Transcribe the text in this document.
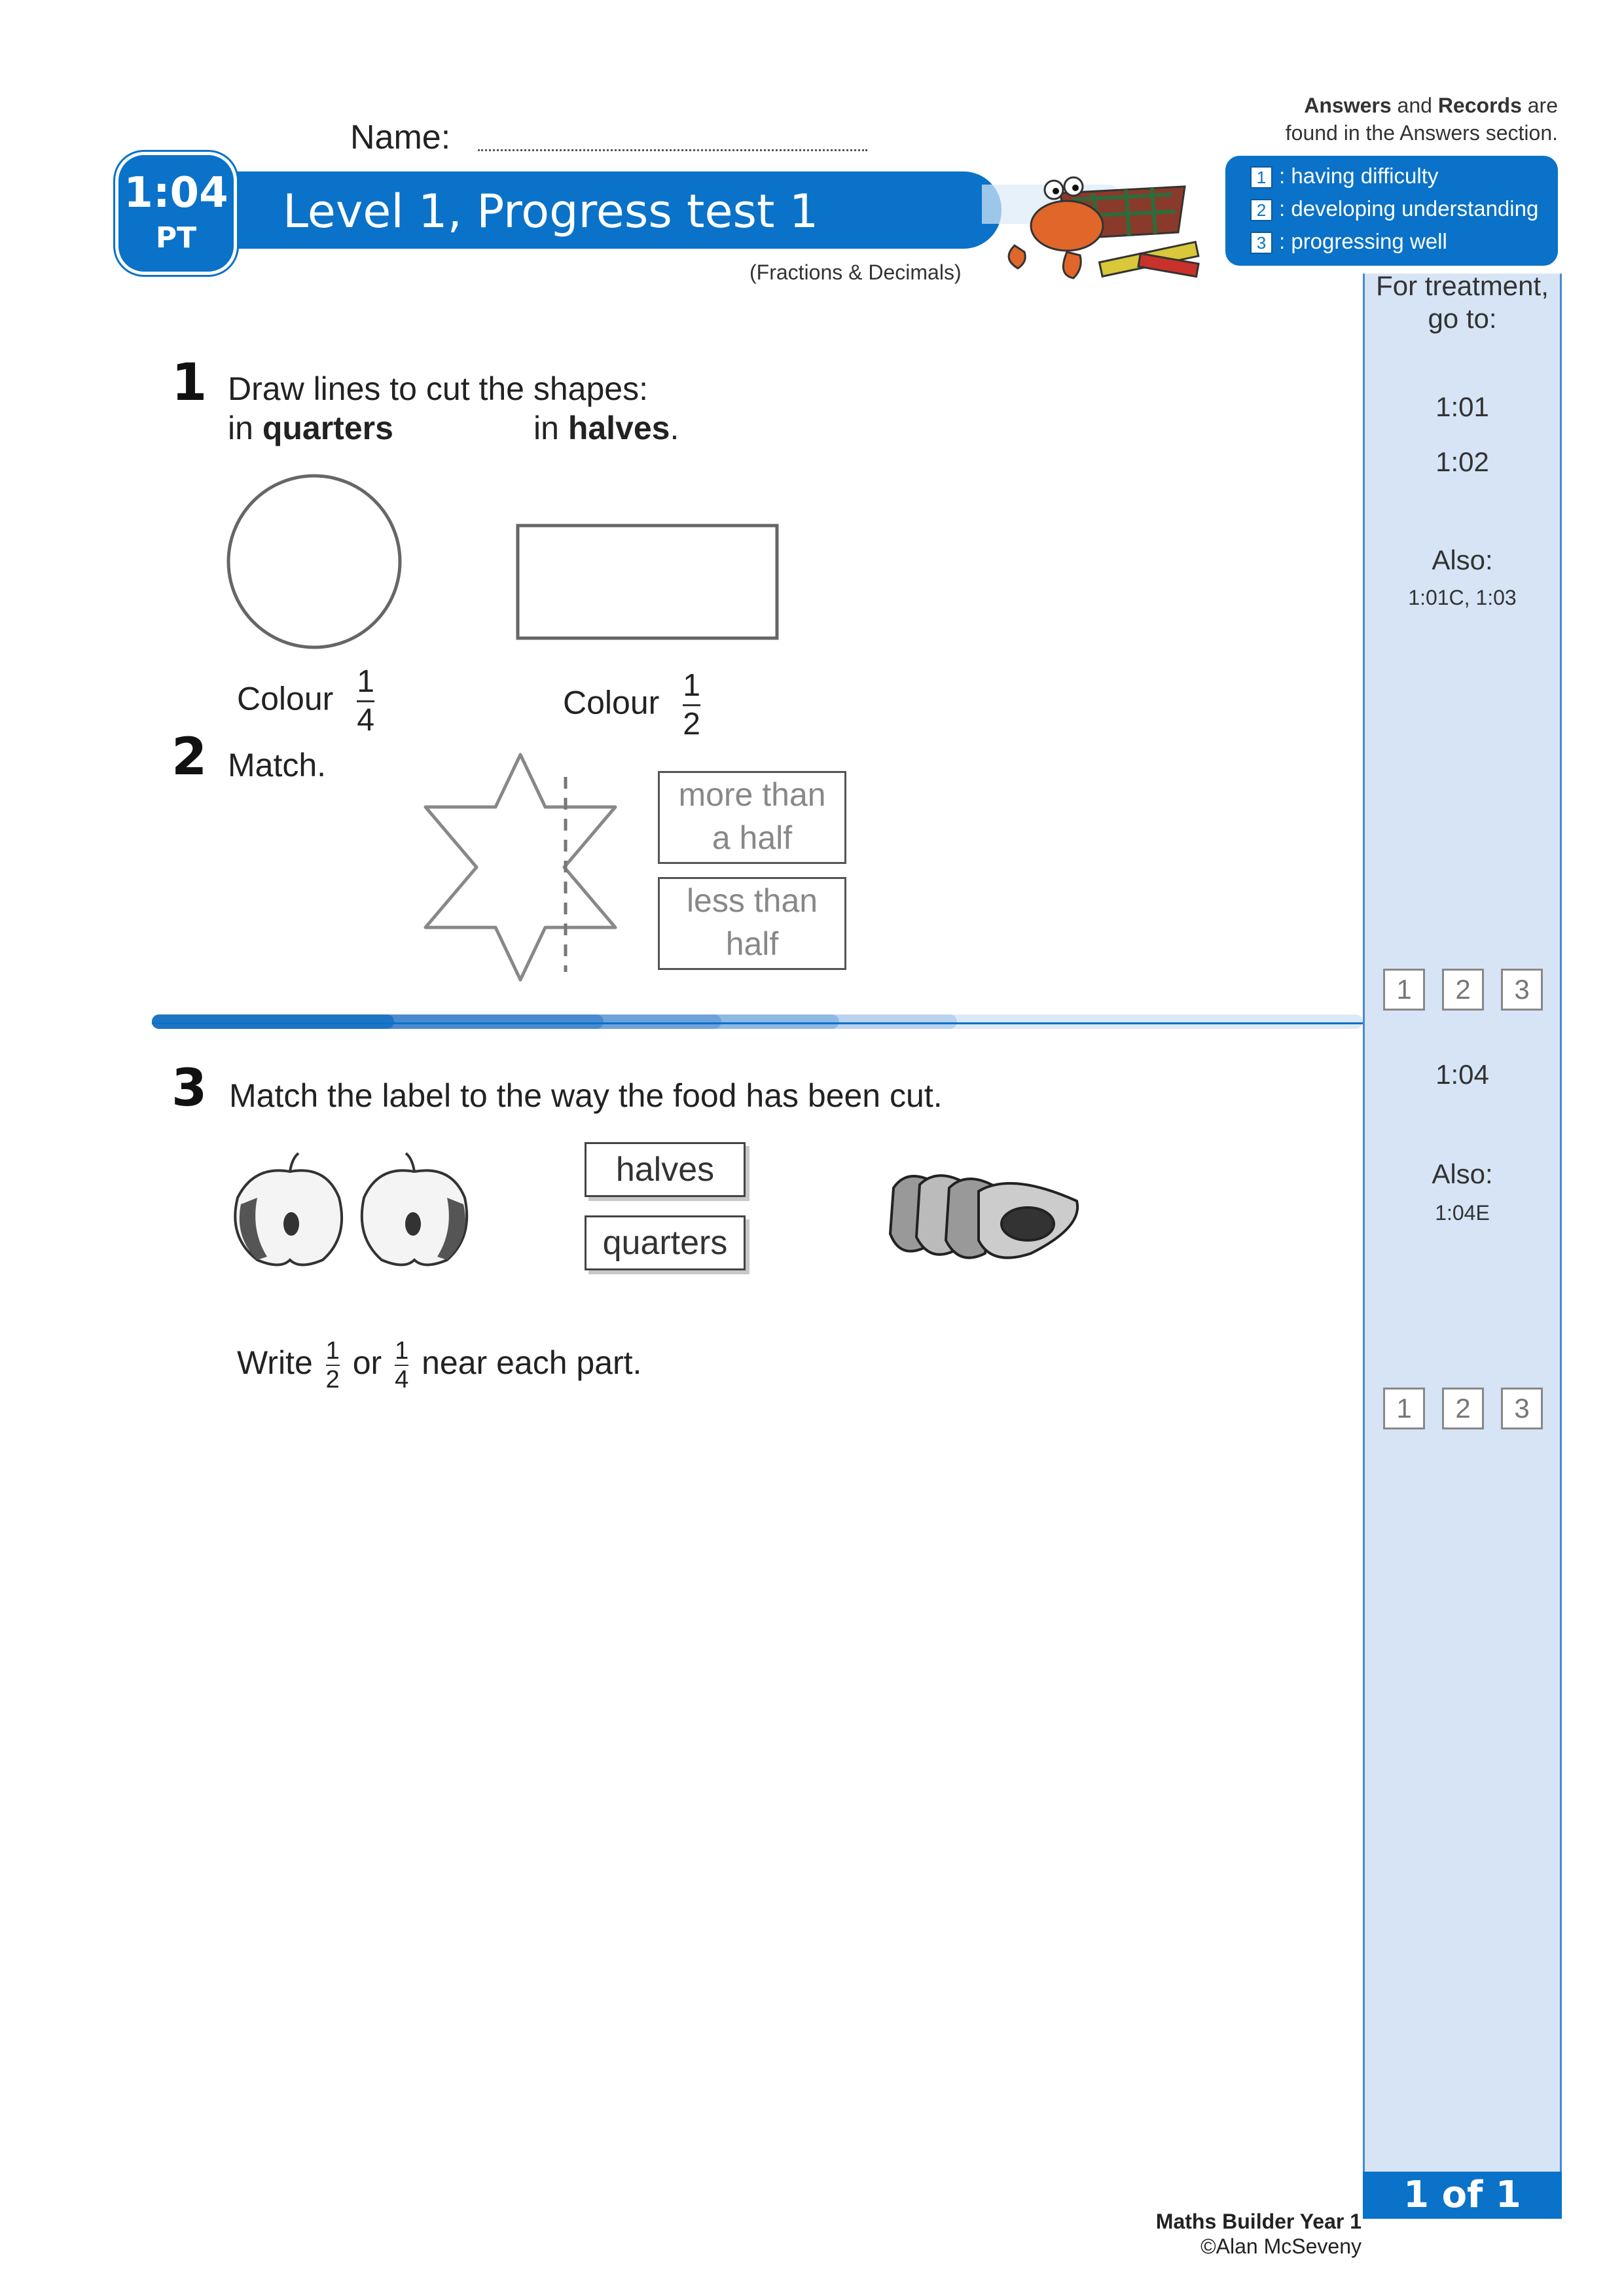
Answers and Records are
found in the Answers section.
1 : having difficulty
2 : developing understanding
3 : progressing well
Name:
1:04
PT	Level 1, Progress test 1
(Fractions & Decimals)	For treatment,
go to:
1:01
1:02
Also:
1:01C, 1:03
1	2	3
1:04
Also:
1:04E
1	2	3
1 of 1
1 Draw lines to cut the shapes:
in quarters	in halves.
Colour $\frac{1}{4}$	Colour $\frac{1}{2}$
2 Match.
more than
a half
less than
half
3 Match the label to the way the food has been cut.
halves
quarters
Write $\frac{1}{2}$ or $\frac{1}{4}$ near each part.
Maths Builder Year 1
©Alan McSeveny
